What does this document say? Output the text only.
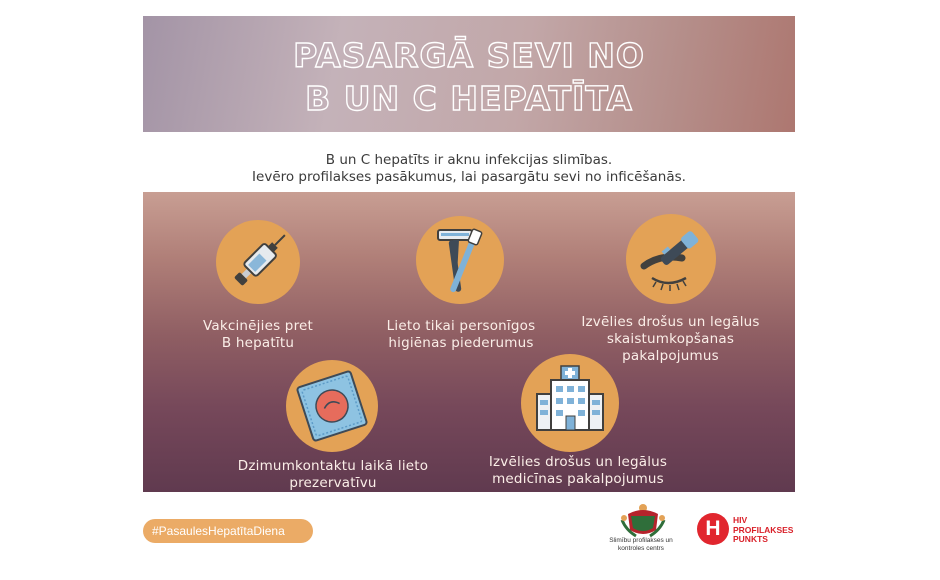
PASARGĀ SEVI NO
B UN C HEPATĪTA
B un C hepatīts ir aknu infekcijas slimības.
Ievēro profilakses pasākumus, lai pasargātu sevi no inficēšanās.
Vakcinējies pret
B hepatītu
Lieto tikai personīgos
higiēnas piederumus
Izvēlies drošus un legālus
skaistumkopšanas
pakalpojumus
Dzimumkontaktu laikā lieto
prezervatīvu
Izvēlies drošus un legālus
medicīnas pakalpojumus
#PasaulesHepatītaDiena
Slimību profilakses un
kontroles centrs
H	HIV
PROFILAKSES
PUNKTS
